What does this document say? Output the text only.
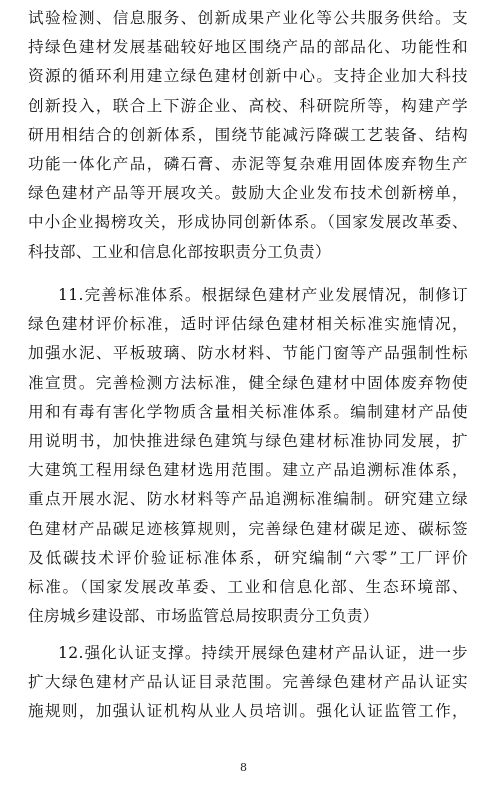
试验检测、信息服务、创新成果产业化等公共服务供给。支
持绿色建材发展基础较好地区围绕产品的部品化、功能性和
资源的循环利用建立绿色建材创新中心。支持企业加大科技
创新投入，联合上下游企业、高校、科研院所等，构建产学
研用相结合的创新体系，围绕节能减污降碳工艺装备、结构
功能一体化产品，磷石膏、赤泥等复杂难用固体废弃物生产
绿色建材产品等开展攻关。鼓励大企业发布技术创新榜单，
中小企业揭榜攻关，形成协同创新体系。（国家发展改革委、
科技部、工业和信息化部按职责分工负责）
11.完善标准体系。根据绿色建材产业发展情况，制修订
绿色建材评价标准，适时评估绿色建材相关标准实施情况，
加强水泥、平板玻璃、防水材料、节能门窗等产品强制性标
准宣贯。完善检测方法标准，健全绿色建材中固体废弃物使
用和有毒有害化学物质含量相关标准体系。编制建材产品使
用说明书，加快推进绿色建筑与绿色建材标准协同发展，扩
大建筑工程用绿色建材选用范围。建立产品追溯标准体系，
重点开展水泥、防水材料等产品追溯标准编制。研究建立绿
色建材产品碳足迹核算规则，完善绿色建材碳足迹、碳标签
及低碳技术评价验证标准体系，研究编制“六零”工厂评价
标准。（国家发展改革委、工业和信息化部、生态环境部、
住房城乡建设部、市场监管总局按职责分工负责）
12.强化认证支撑。持续开展绿色建材产品认证，进一步
扩大绿色建材产品认证目录范围。完善绿色建材产品认证实
施规则，加强认证机构从业人员培训。强化认证监管工作，
8
